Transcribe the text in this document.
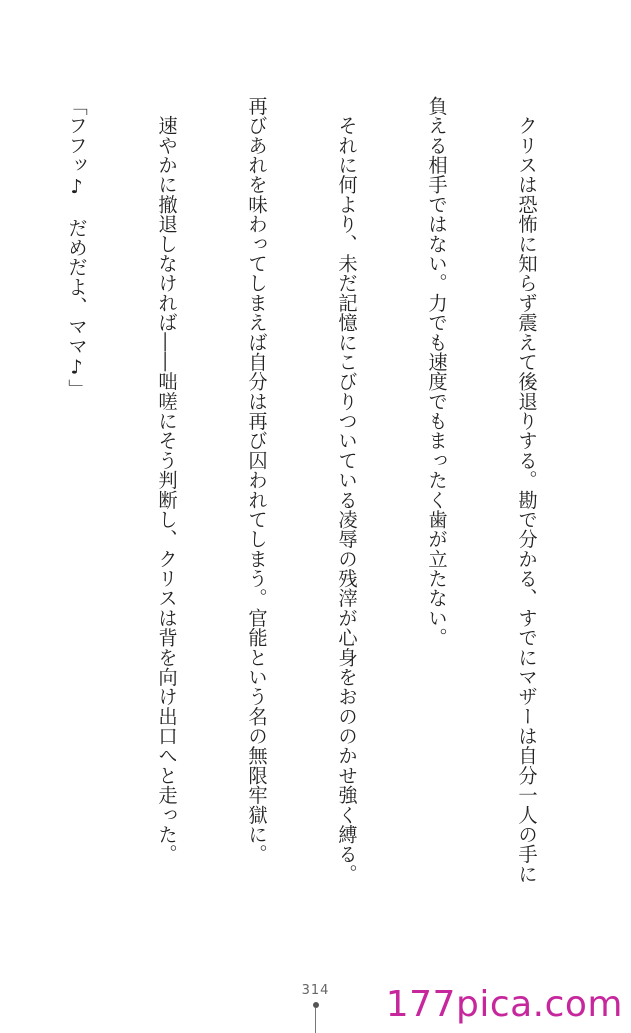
　クリスは恐怖に知らず震えて後退りする。勘で分かる、すでにマザーは自分一人の手に

負える相手ではない。力でも速度でもまったく歯が立たない。

　それに何より、未だ記憶にこびりついている凌辱の残滓が心身をおののかせ強く縛る。

再びあれを味わってしまえば自分は再び囚われてしまう。官能という名の無限牢獄に。

　速やかに撤退しなければ――咄嗟にそう判断し、クリスは背を向け出口へと走った。

「フフッ♪　だめだよ、ママ♪」

314	177pica.com
